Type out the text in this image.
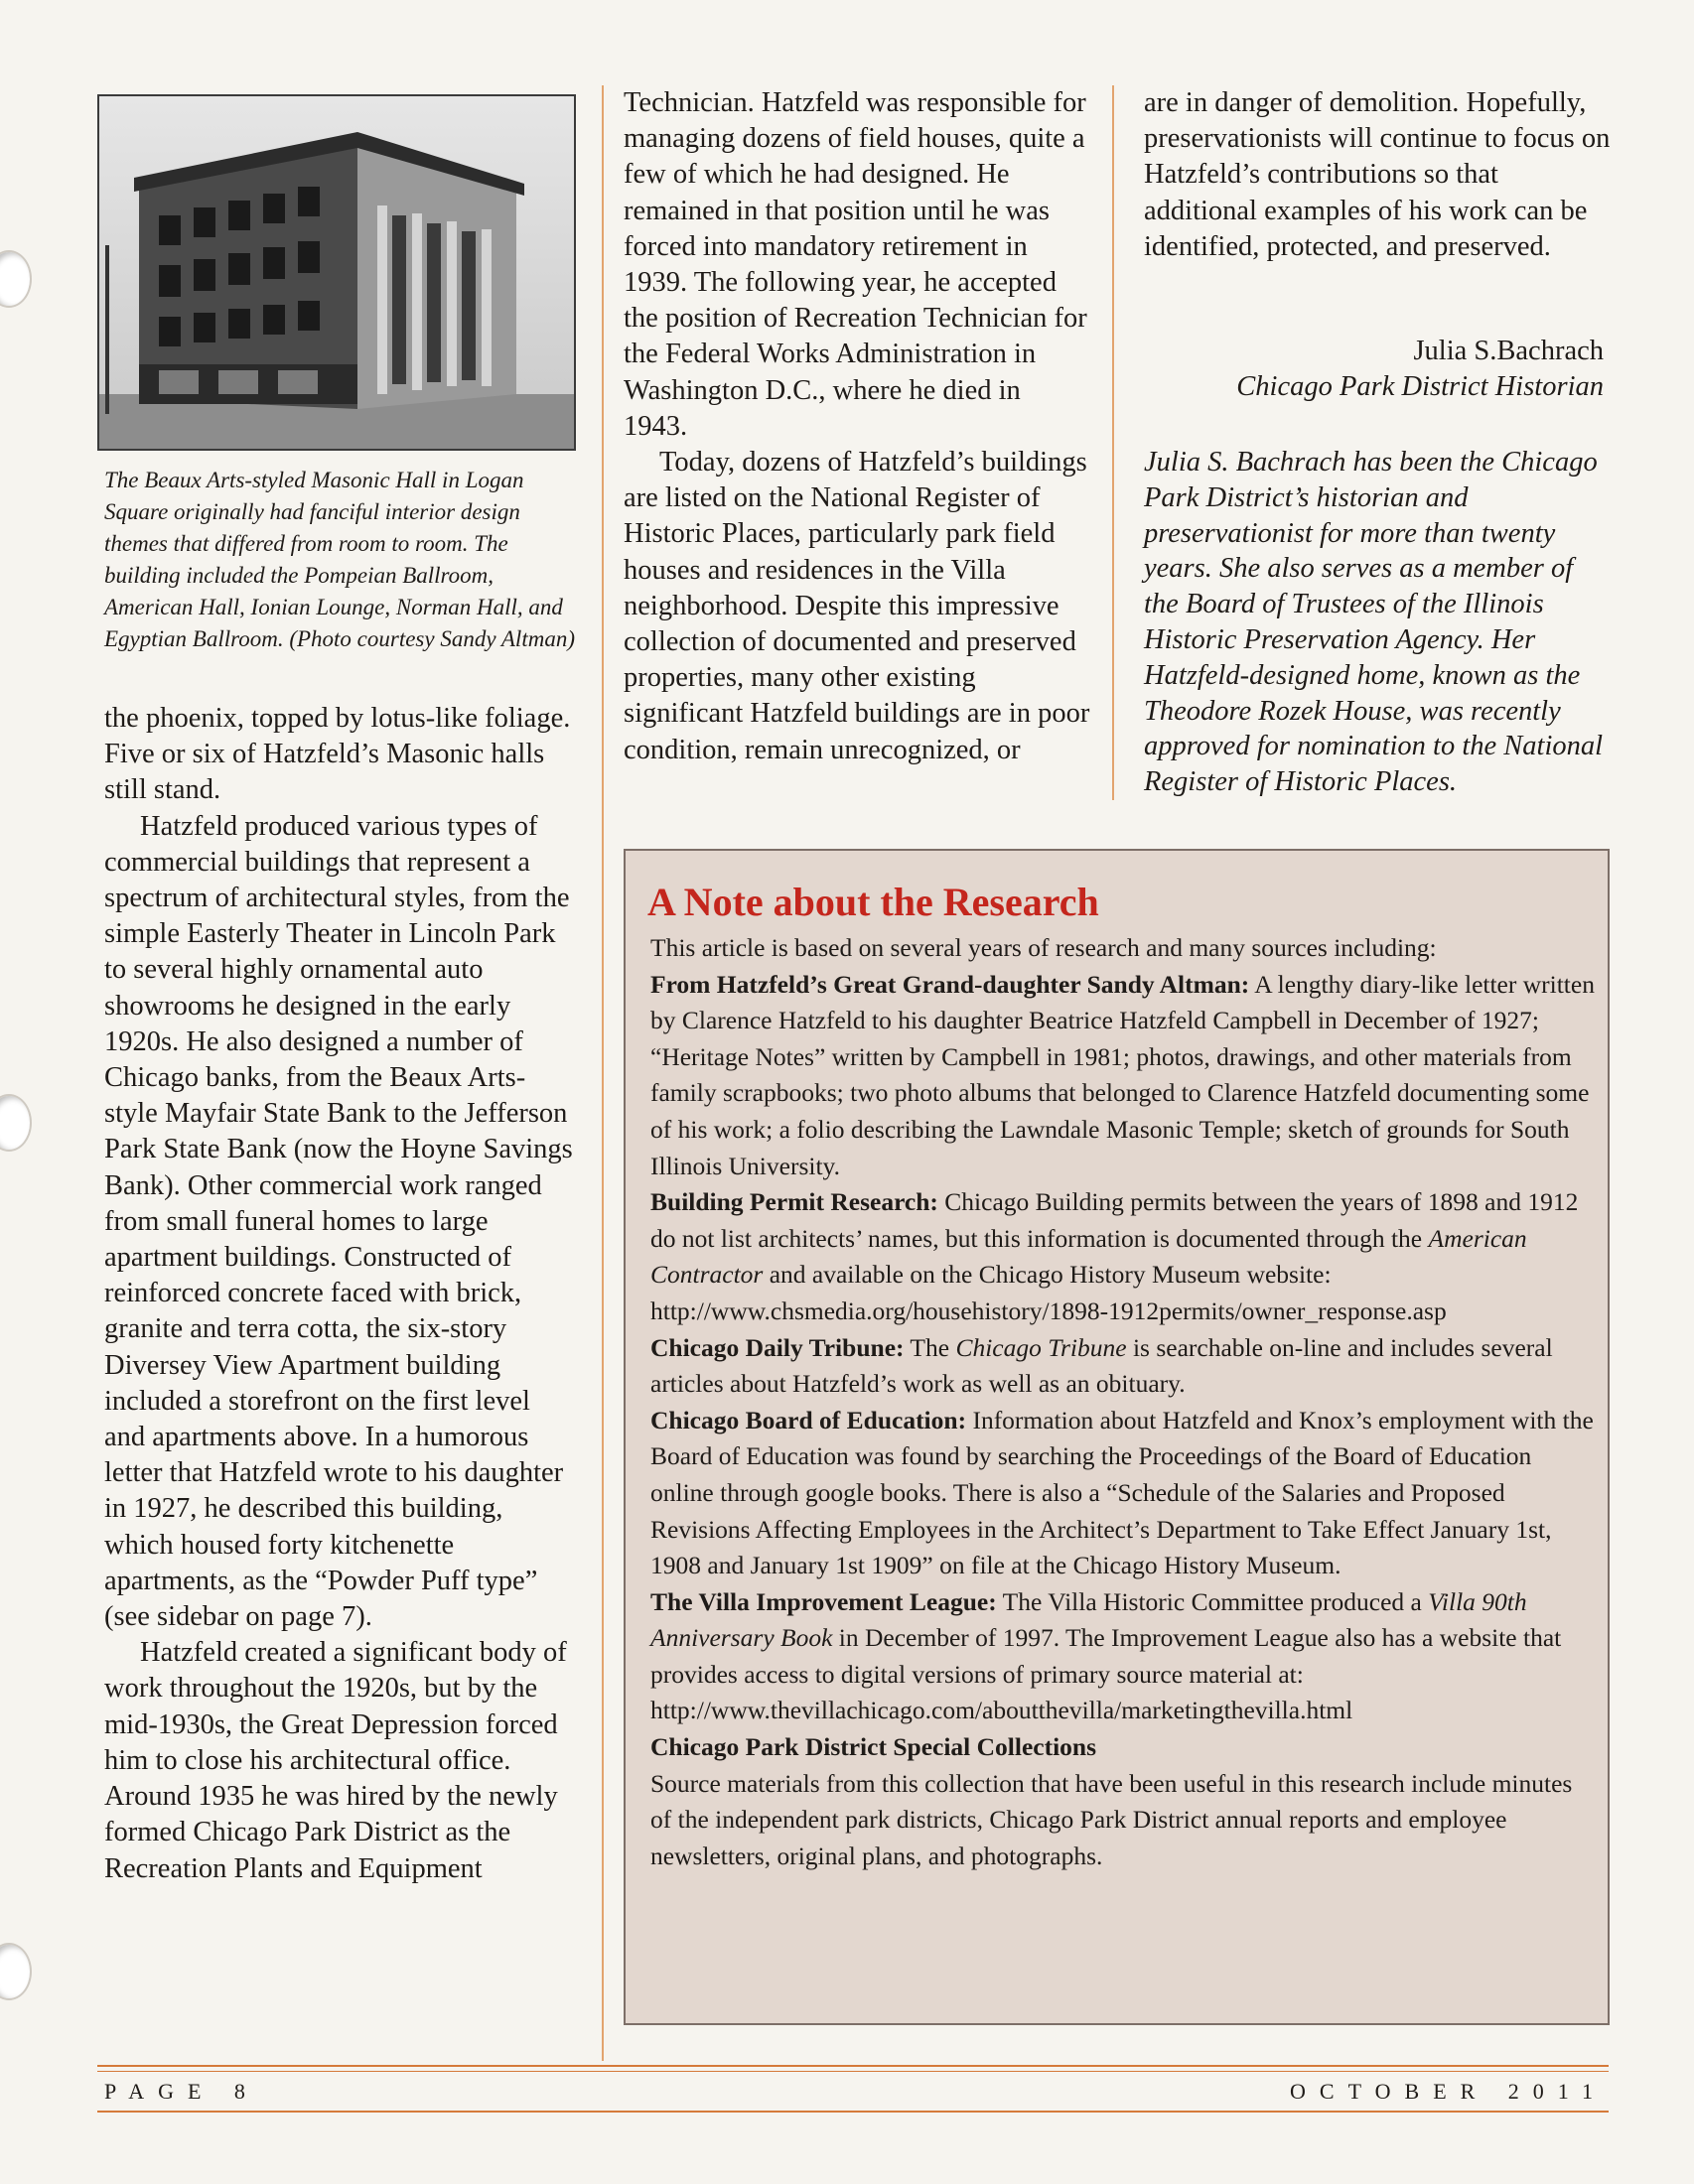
The Beaux Arts-styled Masonic Hall in Logan Square originally had fanciful interior design themes that differed from room to room. The building included the Pompeian Ballroom, American Hall, Ionian Lounge, Norman Hall, and Egyptian Ballroom. (Photo courtesy Sandy Altman)

the phoenix, topped by lotus-like foliage. Five or six of Hatzfeld’s Masonic halls still stand.

Hatzfeld produced various types of commercial buildings that represent a spectrum of architectural styles, from the simple Easterly Theater in Lincoln Park to several highly ornamental auto showrooms he designed in the early 1920s. He also designed a number of Chicago banks, from the Beaux Arts-style Mayfair State Bank to the Jefferson Park State Bank (now the Hoyne Savings Bank). Other commercial work ranged from small funeral homes to large apartment buildings. Constructed of reinforced concrete faced with brick, granite and terra cotta, the six-story Diversey View Apartment building included a storefront on the first level and apartments above. In a humorous letter that Hatzfeld wrote to his daughter in 1927, he described this building, which housed forty kitchenette apartments, as the “Powder Puff type” (see sidebar on page 7).

Hatzfeld created a significant body of work throughout the 1920s, but by the mid-1930s, the Great Depression forced him to close his architectural office. Around 1935 he was hired by the newly formed Chicago Park District as the Recreation Plants and Equipment

Technician. Hatzfeld was responsible for managing dozens of field houses, quite a few of which he had designed. He remained in that position until he was forced into mandatory retirement in 1939. The following year, he accepted the position of Recreation Technician for the Federal Works Administration in Washington D.C., where he died in 1943.

Today, dozens of Hatzfeld’s buildings are listed on the National Register of Historic Places, particularly park field houses and residences in the Villa neighborhood. Despite this impressive collection of documented and preserved properties, many other existing significant Hatzfeld buildings are in poor condition, remain unrecognized, or

are in danger of demolition. Hopefully, preservationists will continue to focus on Hatzfeld’s contributions so that additional examples of his work can be identified, protected, and preserved.

Julia S.Bachrach
Chicago Park District Historian
Julia S. Bachrach has been the Chicago Park District’s historian and preservationist for more than twenty years. She also serves as a member of the Board of Trustees of the Illinois Historic Preservation Agency. Her Hatzfeld-designed home, known as the Theodore Rozek House, was recently approved for nomination to the National Register of Historic Places.
A Note about the Research

This article is based on several years of research and many sources including:

From Hatzfeld’s Great Grand-daughter Sandy Altman: A lengthy diary-like letter written by Clarence Hatzfeld to his daughter Beatrice Hatzfeld Campbell in December of 1927; “Heritage Notes” written by Campbell in 1981; photos, drawings, and other materials from family scrapbooks; two photo albums that belonged to Clarence Hatzfeld documenting some of his work; a folio describing the Lawndale Masonic Temple; sketch of grounds for South Illinois University.

Building Permit Research: Chicago Building permits between the years of 1898 and 1912 do not list architects’ names, but this information is documented through the American Contractor and available on the Chicago History Museum website:

http://www.chsmedia.org/househistory/1898-1912permits/owner_response.asp

Chicago Daily Tribune: The Chicago Tribune is searchable on-line and includes several articles about Hatzfeld’s work as well as an obituary.

Chicago Board of Education: Information about Hatzfeld and Knox’s employment with the Board of Education was found by searching the Proceedings of the Board of Education online through google books. There is also a “Schedule of the Salaries and Proposed Revisions Affecting Employees in the Architect’s Department to Take Effect January 1st, 1908 and January 1st 1909” on file at the Chicago History Museum.

The Villa Improvement League: The Villa Historic Committee produced a Villa 90th Anniversary Book in December of 1997. The Improvement League also has a website that provides access to digital versions of primary source material at: http://www.thevillachicago.com/aboutthevilla/marketingthevilla.html

Chicago Park District Special Collections

Source materials from this collection that have been useful in this research include minutes of the independent park districts, Chicago Park District annual reports and employee newsletters, original plans, and photographs.

PAGE 8	OCTOBER 2011
